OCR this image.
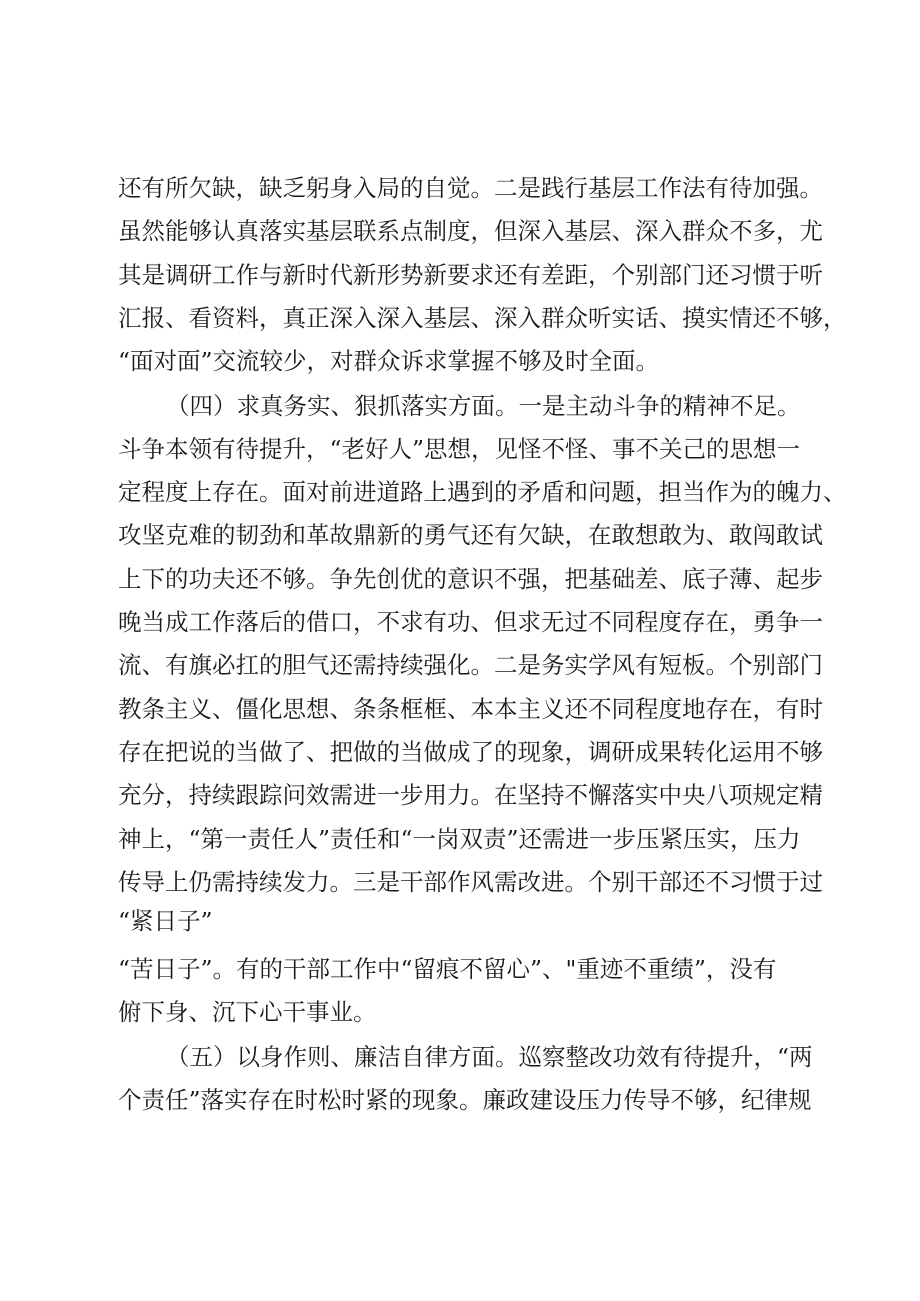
还有所欠缺，缺乏躬身入局的自觉。二是践行基层工作法有待加强。
虽然能够认真落实基层联系点制度，但深入基层、深入群众不多，尤
其是调研工作与新时代新形势新要求还有差距，个别部门还习惯于听
汇报、看资料，真正深入深入基层、深入群众听实话、摸实情还不够，
“面对面”交流较少，对群众诉求掌握不够及时全面。
（四）求真务实、狠抓落实方面。一是主动斗争的精神不足。
斗争本领有待提升，“老好人”思想，见怪不怪、事不关己的思想一
定程度上存在。面对前进道路上遇到的矛盾和问题，担当作为的魄力、
攻坚克难的韧劲和革故鼎新的勇气还有欠缺，在敢想敢为、敢闯敢试
上下的功夫还不够。争先创优的意识不强，把基础差、底子薄、起步
晚当成工作落后的借口，不求有功、但求无过不同程度存在，勇争一
流、有旗必扛的胆气还需持续强化。二是务实学风有短板。个别部门
教条主义、僵化思想、条条框框、本本主义还不同程度地存在，有时
存在把说的当做了、把做的当做成了的现象，调研成果转化运用不够
充分，持续跟踪问效需进一步用力。在坚持不懈落实中央八项规定精
神上，“第一责任人”责任和“一岗双责”还需进一步压紧压实，压力
传导上仍需持续发力。三是干部作风需改进。个别干部还不习惯于过
“紧日子”
“苦日子”。有的干部工作中“留痕不留心”、"重迹不重绩”，没有
俯下身、沉下心干事业。
（五）以身作则、廉洁自律方面。巡察整改功效有待提升，“两
个责任”落实存在时松时紧的现象。廉政建设压力传导不够，纪律规
